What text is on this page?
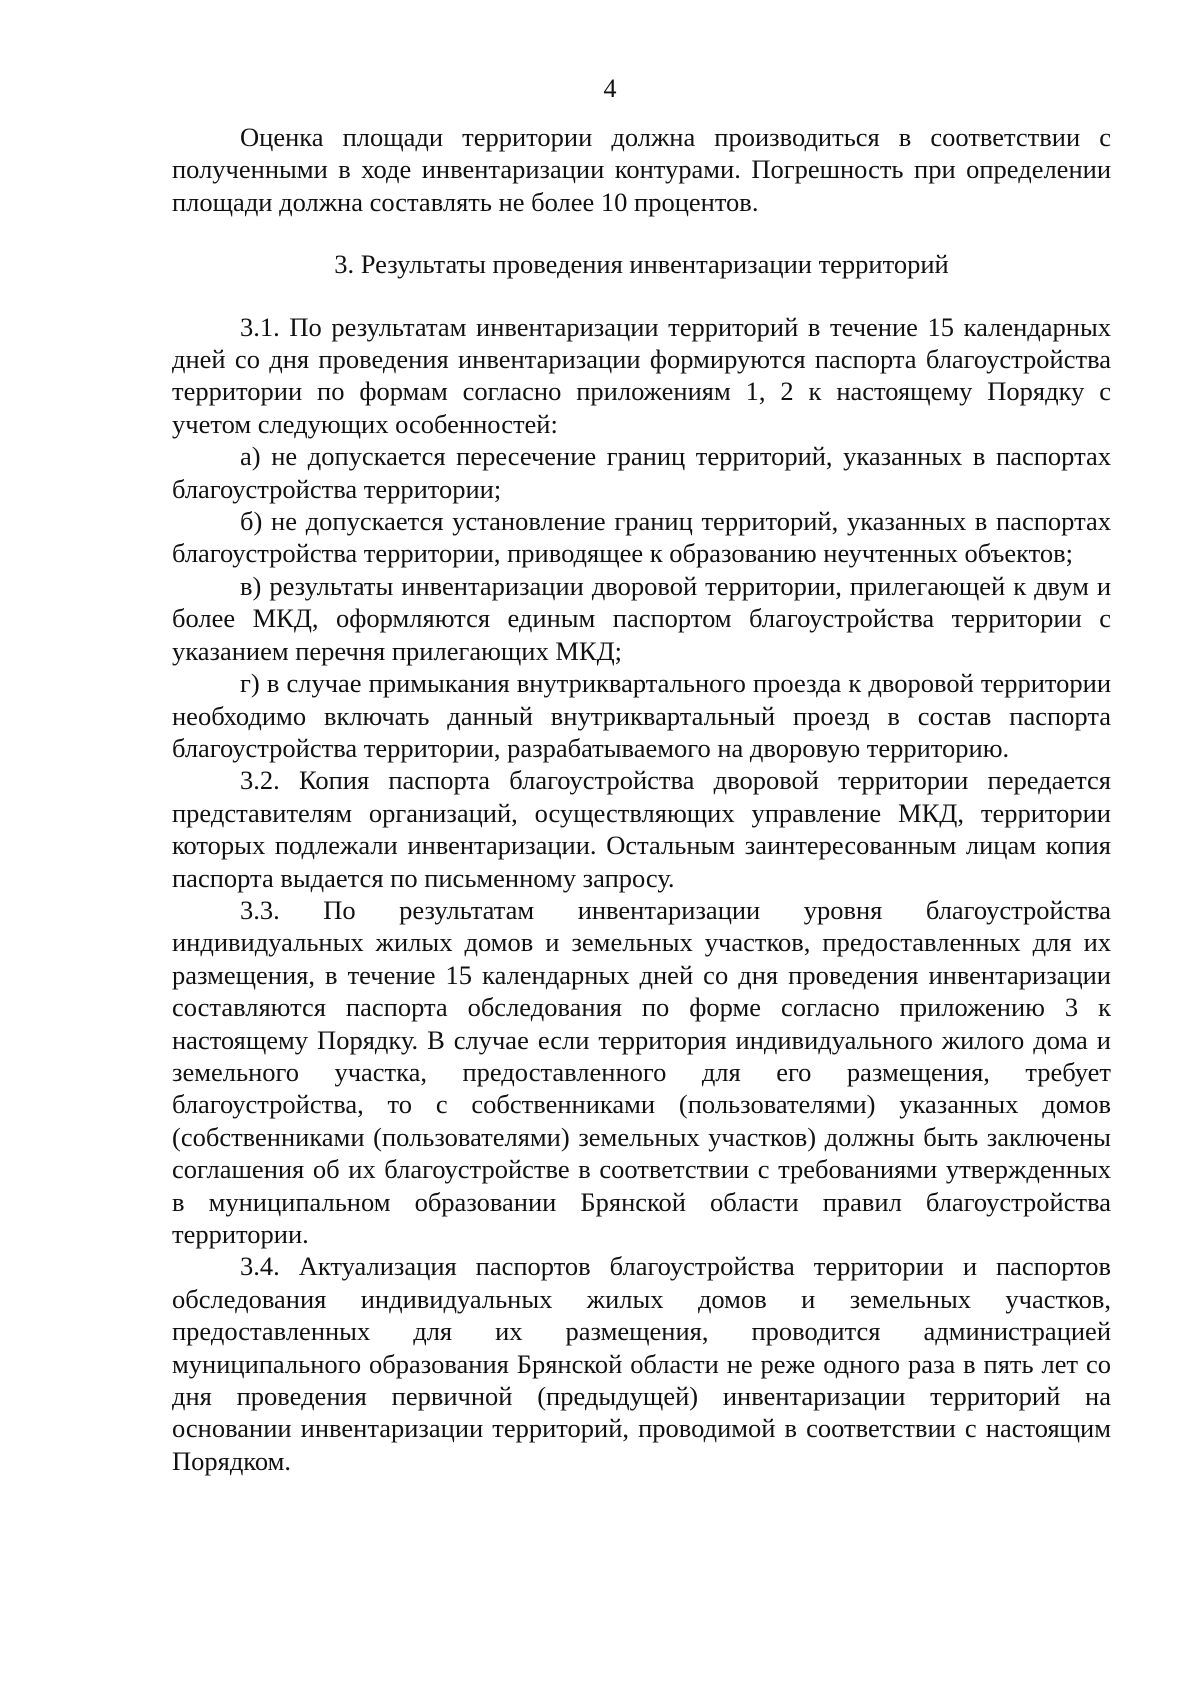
4

Оценка площади территории должна производиться в соответствии с полученными в ходе инвентаризации контурами. Погрешность при определении площади должна составлять не более 10 процентов.

3. Результаты проведения инвентаризации территорий

3.1. По результатам инвентаризации территорий в течение 15 календарных дней со дня проведения инвентаризации формируются паспорта благоустройства территории по формам согласно приложениям 1, 2 к настоящему Порядку с учетом следующих особенностей:

а) не допускается пересечение границ территорий, указанных в паспортах благоустройства территории;

б) не допускается установление границ территорий, указанных в паспортах благоустройства территории, приводящее к образованию неучтенных объектов;

в) результаты инвентаризации дворовой территории, прилегающей к двум и более МКД, оформляются единым паспортом благоустройства территории с указанием перечня прилегающих МКД;

г) в случае примыкания внутриквартального проезда к дворовой территории необходимо включать данный внутриквартальный проезд в состав паспорта благоустройства территории, разрабатываемого на дворовую территорию.

3.2. Копия паспорта благоустройства дворовой территории передается представителям организаций, осуществляющих управление МКД, территории которых подлежали инвентаризации. Остальным заинтересованным лицам копия паспорта выдается по письменному запросу.

3.3. По результатам инвентаризации уровня благоустройства индивидуальных жилых домов и земельных участков, предоставленных для их размещения, в течение 15 календарных дней со дня проведения инвентаризации составляются паспорта обследования по форме согласно приложению 3 к настоящему Порядку. В случае если территория индивидуального жилого дома и земельного участка, предоставленного для его размещения, требует благоустройства, то с собственниками (пользователями) указанных домов (собственниками (пользователями) земельных участков) должны быть заключены соглашения об их благоустройстве в соответствии с требованиями утвержденных в муниципальном образовании Брянской области правил благоустройства территории.

3.4. Актуализация паспортов благоустройства территории и паспортов обследования индивидуальных жилых домов и земельных участков, предоставленных для их размещения, проводится администрацией муниципального образования Брянской области не реже одного раза в пять лет со дня проведения первичной (предыдущей) инвентаризации территорий на основании инвентаризации территорий, проводимой в соответствии с настоящим Порядком.
